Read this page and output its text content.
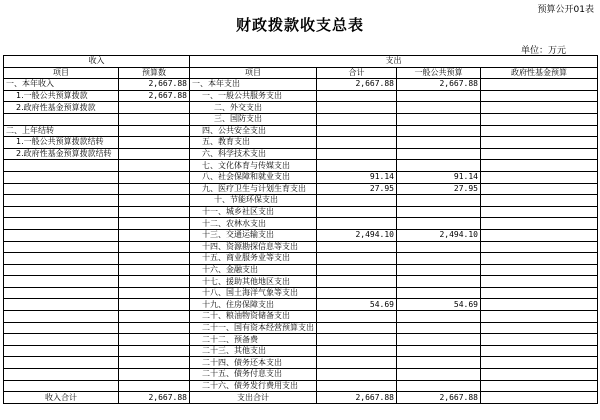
预算公开01表
财政拨款收支总表
单位：万元
收入		支出			
项目	预算数	项目	合计	一般公共预算	政府性基金预算
一、本年收入	2,667.88	一、本年支出	2,667.88	2,667.88	
1.一般公共预算拨款	2,667.88	一、一般公共服务支出			
2.政府性基金预算拨款		二、外交支出			
		三、国防支出			
二、上年结转		四、公共安全支出			
1.一般公共预算拨款结转		五、教育支出			
2.政府性基金预算拨款结转		六、科学技术支出			
		七、文化体育与传媒支出			
		八、社会保障和就业支出	91.14	91.14	
		九、医疗卫生与计划生育支出	27.95	27.95	
		十、节能环保支出			
		十一、城乡社区支出			
		十二、农林水支出			
		十三、交通运输支出	2,494.10	2,494.10	
		十四、资源勘探信息等支出			
		十五、商业服务业等支出			
		十六、金融支出			
		十七、援助其他地区支出			
		十八、国土海洋气象等支出			
		十九、住房保障支出	54.69	54.69	
		二十、粮油物资储备支出			
		二十一、国有资本经营预算支出			
		二十二、预备费			
		二十三、其他支出			
		二十四、债务还本支出			
		二十五、债务付息支出			
		二十六、债务发行费用支出			
收入合计	2,667.88	支出合计	2,667.88	2,667.88	
